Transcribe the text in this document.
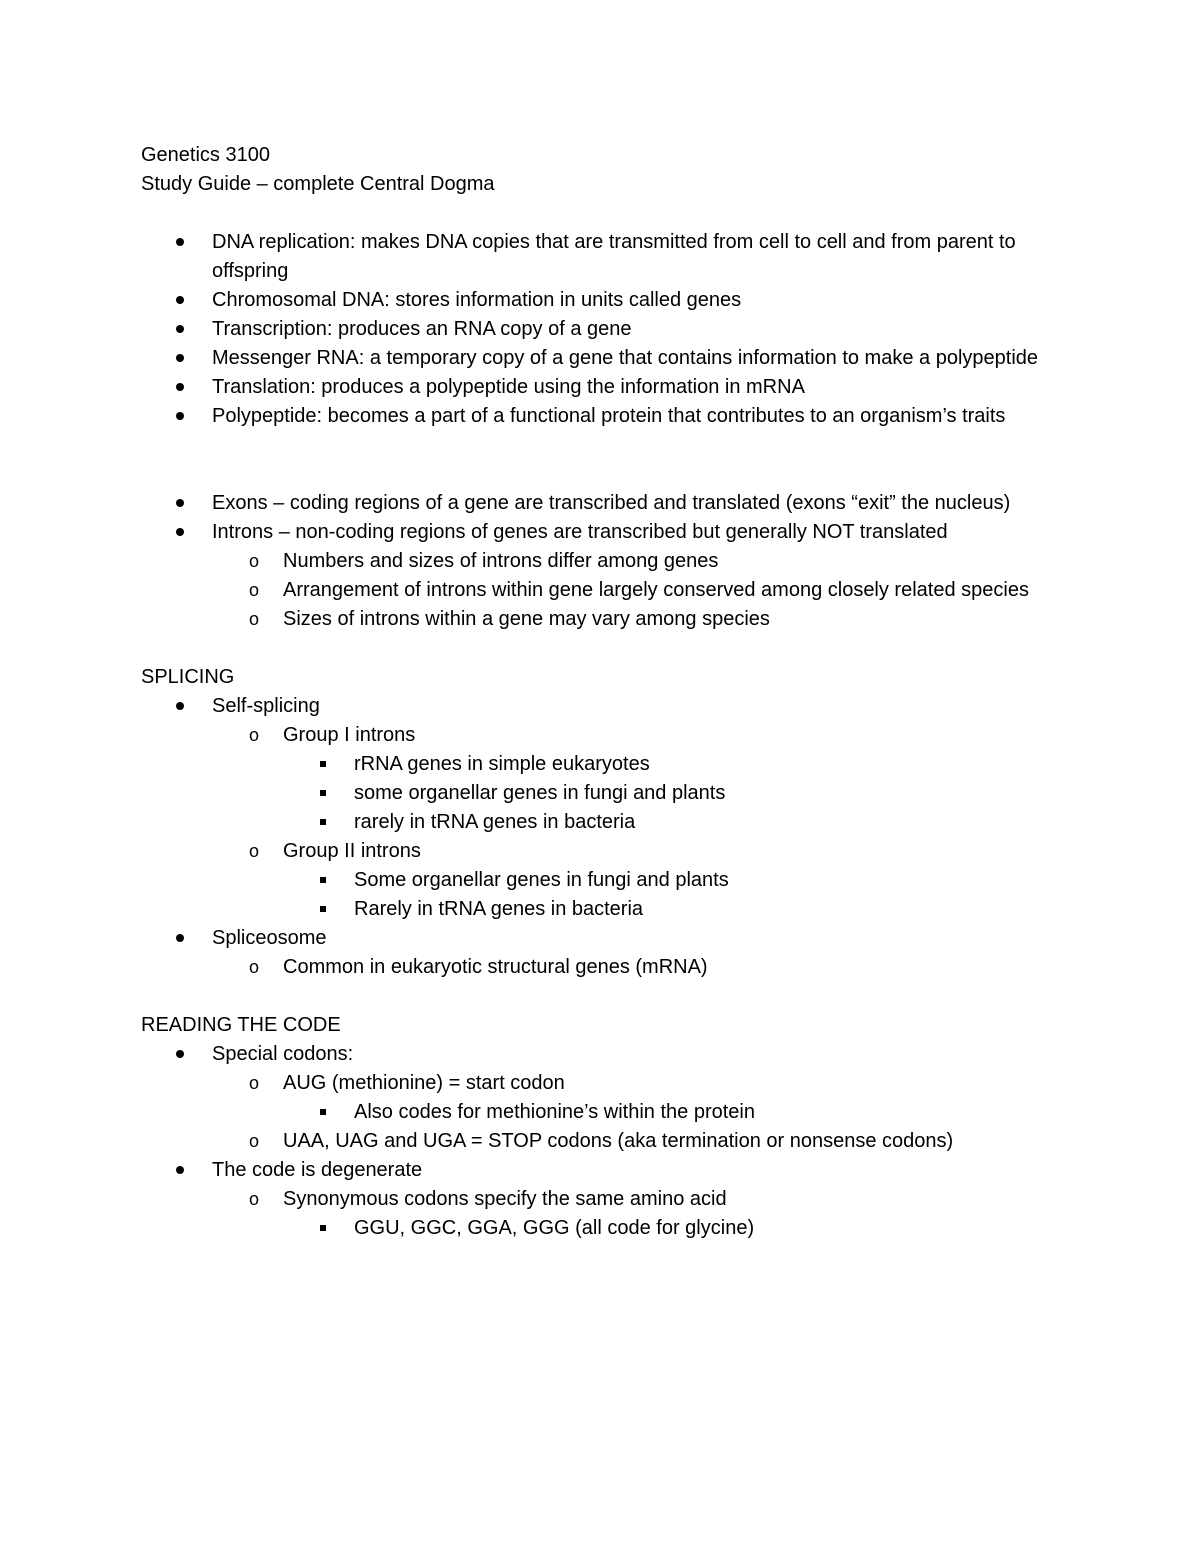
Genetics 3100

Study Guide – complete Central Dogma

DNA replication: makes DNA copies that are transmitted from cell to cell and from parent to offspring
Chromosomal DNA: stores information in units called genes
Transcription: produces an RNA copy of a gene
Messenger RNA: a temporary copy of a gene that contains information to make a polypeptide
Translation: produces a polypeptide using the information in mRNA
Polypeptide: becomes a part of a functional protein that contributes to an organism’s traits
Exons – coding regions of a gene are transcribed and translated (exons “exit” the nucleus)
Introns – non-coding regions of genes are transcribed but generally NOT translated
o Numbers and sizes of introns differ among genes
o Arrangement of introns within gene largely conserved among closely related species
o Sizes of introns within a gene may vary among species

SPLICING

Self-splicing
o Group I introns
rRNA genes in simple eukaryotes
some organellar genes in fungi and plants
rarely in tRNA genes in bacteria
o Group II introns
Some organellar genes in fungi and plants
Rarely in tRNA genes in bacteria
Spliceosome
o Common in eukaryotic structural genes (mRNA)

READING THE CODE

Special codons:
o AUG (methionine) = start codon
Also codes for methionine’s within the protein
o UAA, UAG and UGA = STOP codons (aka termination or nonsense codons)
The code is degenerate
o Synonymous codons specify the same amino acid
GGU, GGC, GGA, GGG (all code for glycine)
